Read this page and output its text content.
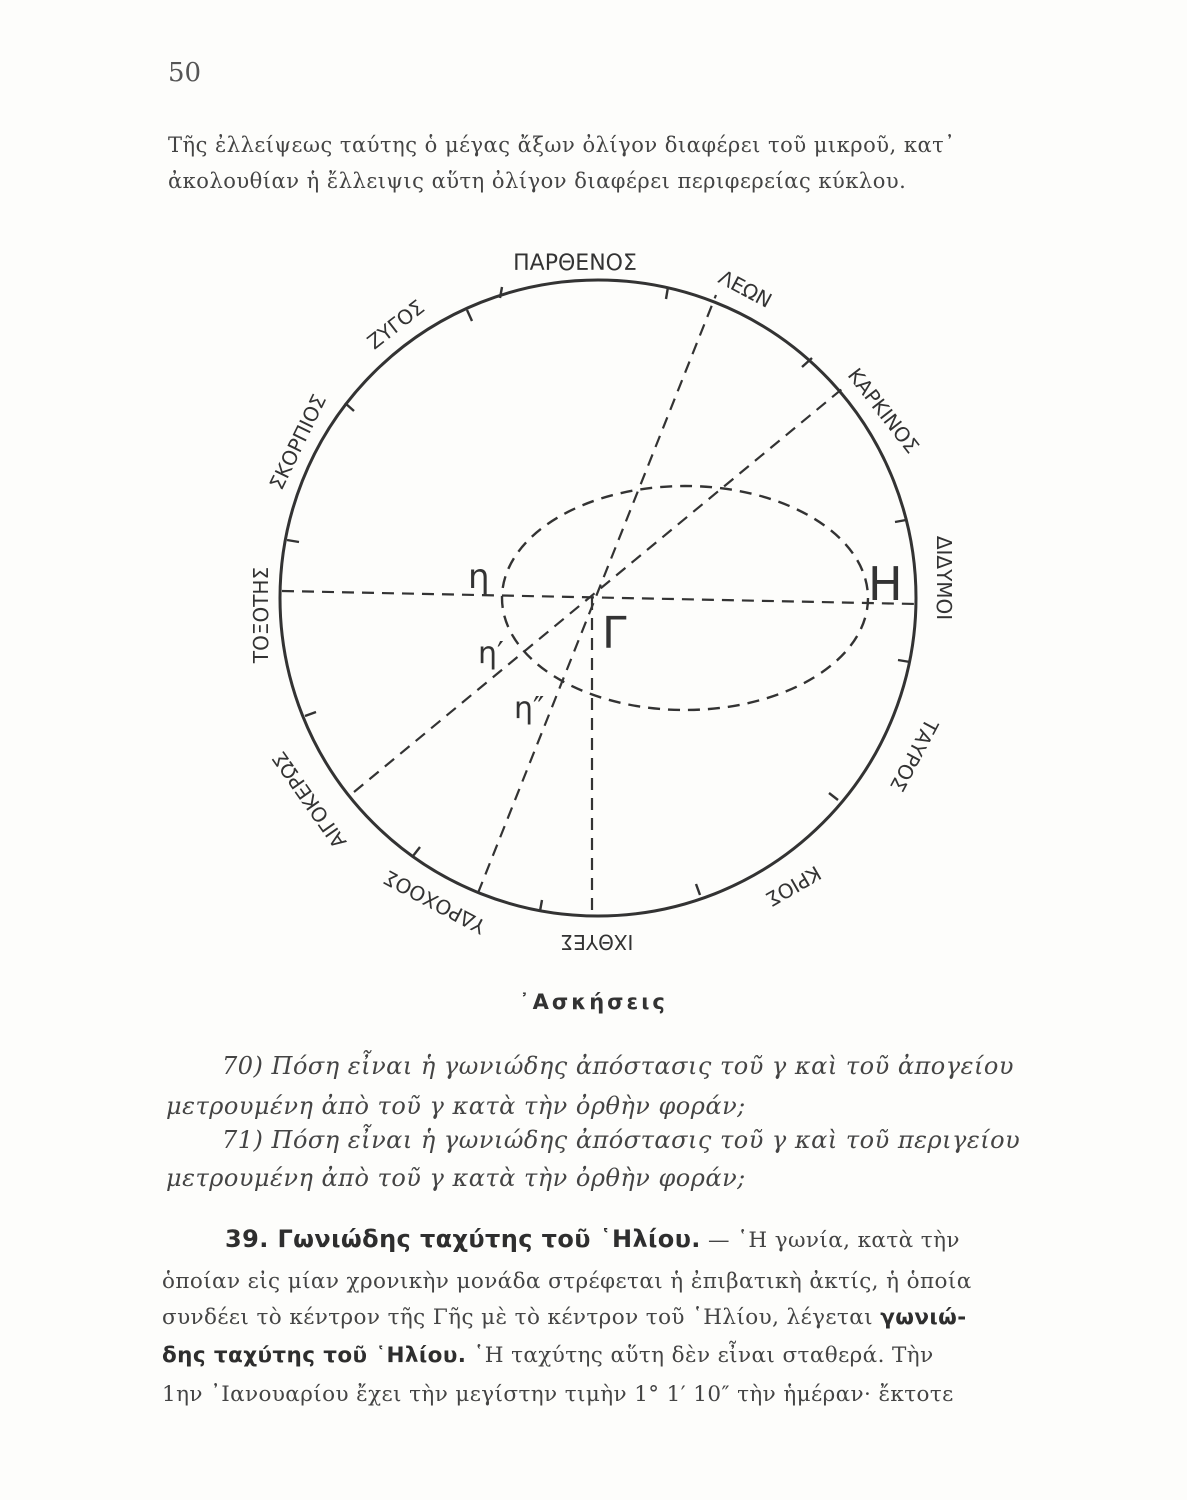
50
Τῆς ἐλλείψεως ταύτης ὁ μέγας ἄξων ὀλίγον διαφέρει τοῦ μικροῦ, κατ᾽
ἀκολουθίαν ἡ ἔλλειψις αὕτη ὀλίγον διαφέρει περιφερείας κύκλου.
ΠΑΡΘΕΝΟΣ
ΛΕΩΝ
ΚΑΡΚΙΝΟΣ
ΔΙΔΥΜΟΙ
ΤΑΥΡΟΣ
ΚΡΙΟΣ
ΙΧΘΥΕΣ
ΥΔΡΟΧΟΟΣ
ΑΙΓΟΚΕΡΩΣ
ΤΟΞΟΤΗΣ
ΣΚΟΡΠΙΟΣ
ΖΥΓΟΣ
Η
η
η′
η″
Γ
᾿Ασκήσεις
70) Πόση εἶναι ἡ γωνιώδης ἀπόστασις τοῦ γ καὶ τοῦ ἀπογείου
μετρουμένη ἀπὸ τοῦ γ κατὰ τὴν ὀρθὴν φοράν;
71) Πόση εἶναι ἡ γωνιώδης ἀπόστασις τοῦ γ καὶ τοῦ περιγείου
μετρουμένη ἀπὸ τοῦ γ κατὰ τὴν ὀρθὴν φοράν;
39. Γωνιώδης ταχύτης τοῦ ῾Ηλίου. — ῾Η γωνία, κατὰ τὴν
ὁποίαν εἰς μίαν χρονικὴν μονάδα στρέφεται ἡ ἐπιβατικὴ ἀκτίς, ἡ ὁποία
συνδέει τὸ κέντρον τῆς Γῆς μὲ τὸ κέντρον τοῦ ῾Ηλίου, λέγεται γωνιώ-
δης ταχύτης τοῦ ῾Ηλίου. ῾Η ταχύτης αὕτη δὲν εἶναι σταθερά. Τὴν
1ην ᾿Ιανουαρίου ἔχει τὴν μεγίστην τιμὴν 1° 1′ 10″ τὴν ἡμέραν· ἔκτοτε
